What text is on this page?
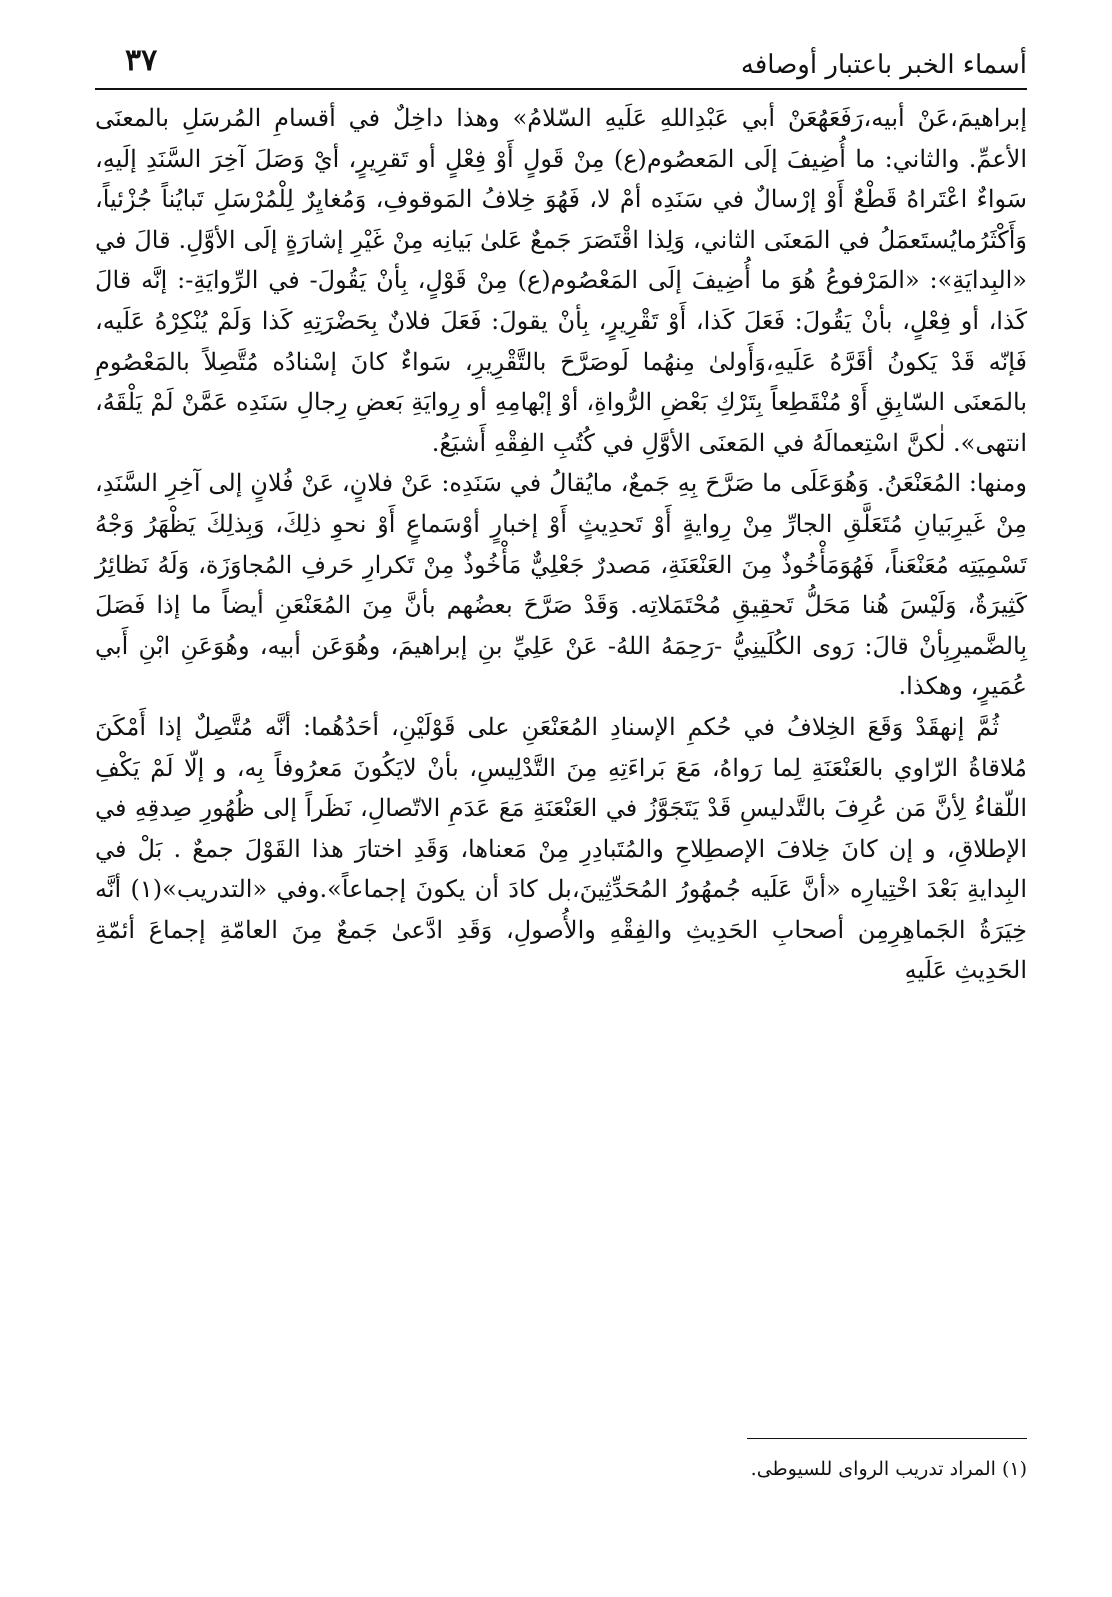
أسماء الخبر باعتبار أوصافه
٣٧

إبراهيمَ،عَنْ أبيه،رَفَعَهُعَنْ أبي عَبْدِاللهِ عَلَيهِ السّلامُ» وهذا داخِلٌ في أقسامِ المُرسَلِ بالمعنَى الأعمِّ. والثاني: ما أُضِيفَ إلَى المَعصُوم(ع) مِنْ قَولٍ أَوْ فِعْلٍ أو تَقرِيرٍ، أيْ وَصَلَ آخِرَ السَّنَدِ إلَيهِ، سَواءٌ اعْتَراهُ قَطْعٌ أَوْ إرْسالٌ في سَنَدِه أمْ لا، فَهُوَ خِلافُ المَوقوفِ، وَمُغايِرٌ لِلْمُرْسَلِ تَبايُناً جُزْئياً، وَأَكْثَرُمايُستَعمَلُ في المَعنَى الثاني، وَلِذا اقْتَصَرَ جَمعٌ عَلىٰ بَيانِه مِنْ غَيْرِ إشارَةٍ إلَى الأوَّلِ. قالَ في «البِدايَةِ»: «المَرْفوعُ هُوَ ما أُضِيفَ إلَى المَعْصُوم(ع) مِنْ قَوْلٍ، بِأنْ يَقُولَ- في الرِّوايَةِ-: إنَّه قالَ كَذا، أو فِعْلٍ، بأنْ يَقُولَ: فَعَلَ كَذا، أَوْ تَقْرِيرٍ، بِأنْ يقولَ: فَعَلَ فلانٌ بِحَضْرَتِهِ كَذا وَلَمْ يُنْكِرْهُ عَلَيه، فَإنّه قَدْ يَكونُ أقَرَّهُ عَلَيهِ،وَأَولىٰ مِنهُما لَوصَرَّحَ بالتَّقْرِيرِ، سَواءٌ كانَ إسْنادُه مُتَّصِلاً بالمَعْصُومِ بالمَعنَى السّابِقِ أَوْ مُنْقَطِعاً بِتَرْكِ بَعْضِ الرُّواةِ، أوْ إبْهامِهِ أو رِوايَةِ بَعضِ رِجالِ سَنَدِه عَمَّنْ لَمْ يَلْقَهُ، انتهى». لٰكنَّ اسْتِعمالَهُ في المَعنَى الأوَّلِ في كُتُبِ الفِقْهِ أَشيَعُ.

ومنها: المُعَنْعَنُ. وَهُوَعَلَى ما صَرَّحَ بِهِ جَمعٌ، مايُقالُ في سَنَدِه: عَنْ فلانٍ، عَنْ فُلانٍ إلى آخِرِ السَّنَدِ، مِنْ غَيرِبَيانِ مُتَعَلَّقِ الجارِّ مِنْ رِوايةٍ أَوْ تَحدِيثٍ أَوْ إخبارٍ أوْسَماعٍ أَوْ نحوِ ذلِكَ، وَبِذلِكَ يَظْهَرُ وَجْهُ تَسْمِيَتِه مُعَنْعَناً، فَهُوَمَأْخُوذٌ مِنَ العَنْعَنَةِ، مَصدرٌ جَعْلِيٌّ مَأْخُوذٌ مِنْ تَكرارِ حَرفِ المُجاوَزَة، وَلَهُ نَظائِرُ كَثِيرَةٌ، وَلَيْسَ هُنا مَحَلُّ تَحقِيقِ مُحْتَمَلاتِه. وَقَدْ صَرَّحَ بعضُهم بأنَّ مِنَ المُعَنْعَنِ أيضاً ما إذا فَصَلَ بِالضَّميرِبِأنْ قالَ: رَوى الكُلَينِيُّ -رَحِمَهُ اللهُ- عَنْ عَلِيِّ بنِ إبراهيمَ، وهُوَعَن أبيه، وهُوَعَنِ ابْنِ أَبي عُمَيرٍ، وهكذا.

ثُمَّ إنهقَدْ وَقَعَ الخِلافُ في حُكمِ الإسنادِ المُعَنْعَنِ على قَوْلَيْنِ، أحَدُهُما: أنَّه مُتَّصِلٌ إذا أَمْكَنَ مُلاقاةُ الرّاوي بالعَنْعَنَةِ لِما رَواهُ، مَعَ بَراءَتِهِ مِنَ التَّدْلِيسِ، بأنْ لايَكُونَ مَعرُوفاً بِه، و إلّا لَمْ يَكْفِ اللّقاءُ لِأنَّ مَن عُرِفَ بالتَّدليسِ قَدْ يَتَجَوَّزُ في العَنْعَنَةِ مَعَ عَدَمِ الاتّصالِ، نَظَراً إلى ظُهُورِ صِدقِهِ في الإطلاقِ، و إن كانَ خِلافَ الإصطِلاحِ والمُتَبادِرِ مِنْ مَعناها، وَقَدِ اختارَ هذا القَوْلَ جمعٌ . بَلْ في البِدايةِ بَعْدَ اخْتِيارِه «أنَّ عَلَيه جُمهُورُ المُحَدِّثِينَ،بل كادَ أن يكونَ إجماعاً».وفي «التدريب»(١) أنَّه خِيَرَةُ الجَماهِرِمِن أصحابِ الحَدِيثِ والفِقْهِ والأُصولِ، وَقَدِ ادَّعىٰ جَمعٌ مِنَ العامّةِ إجماعَ أئمّةِ الحَدِيثِ عَلَيهِ

(١) المراد تدريب الروای للسيوطى.
